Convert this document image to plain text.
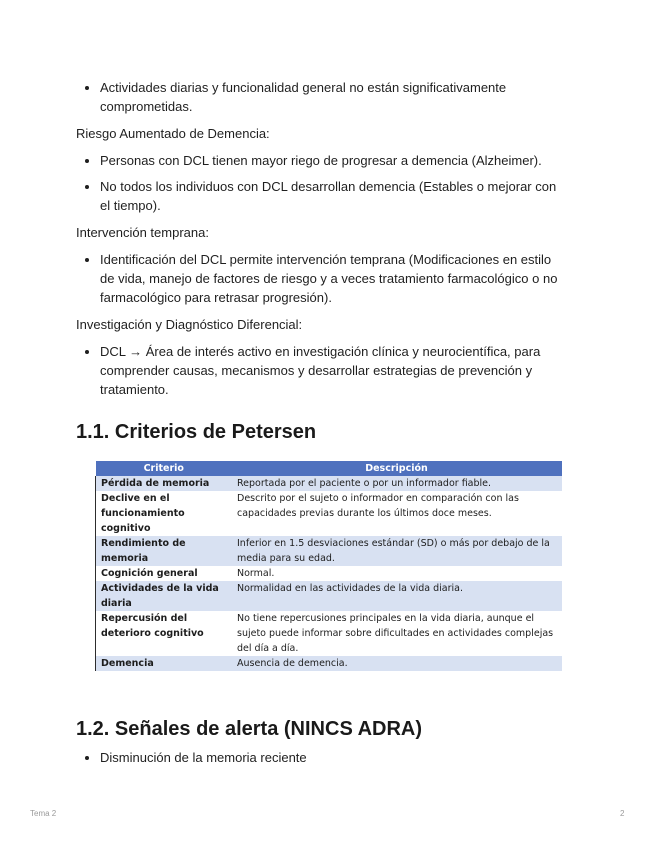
Actividades diarias y funcionalidad general no están significativamente comprometidas.

Riesgo Aumentado de Demencia:

Personas con DCL tienen mayor riego de progresar a demencia (Alzheimer).
No todos los individuos con DCL desarrollan demencia (Estables o mejorar con el tiempo).

Intervención temprana:

Identificación del DCL permite intervención temprana (Modificaciones en estilo de vida, manejo de factores de riesgo y a veces tratamiento farmacológico o no farmacológico para retrasar progresión).

Investigación y Diagnóstico Diferencial:

DCL → Área de interés activo en investigación clínica y neurocientífica, para comprender causas, mecanismos y desarrollar estrategias de prevención y tratamiento.
1.1. Criterios de Petersen
Criterio	Descripción
Pérdida de memoria	Reportada por el paciente o por un informador fiable.
Declive en el funcionamiento cognitivo	Descrito por el sujeto o informador en comparación con las capacidades previas durante los últimos doce meses.
Rendimiento de memoria	Inferior en 1.5 desviaciones estándar (SD) o más por debajo de la media para su edad.
Cognición general	Normal.
Actividades de la vida diaria	Normalidad en las actividades de la vida diaria.
Repercusión del deterioro cognitivo	No tiene repercusiones principales en la vida diaria, aunque el sujeto puede informar sobre dificultades en actividades complejas del día a día.
Demencia	Ausencia de demencia.
1.2. Señales de alerta (NINCS ADRA)
Disminución de la memoria reciente
Tema 2	2
